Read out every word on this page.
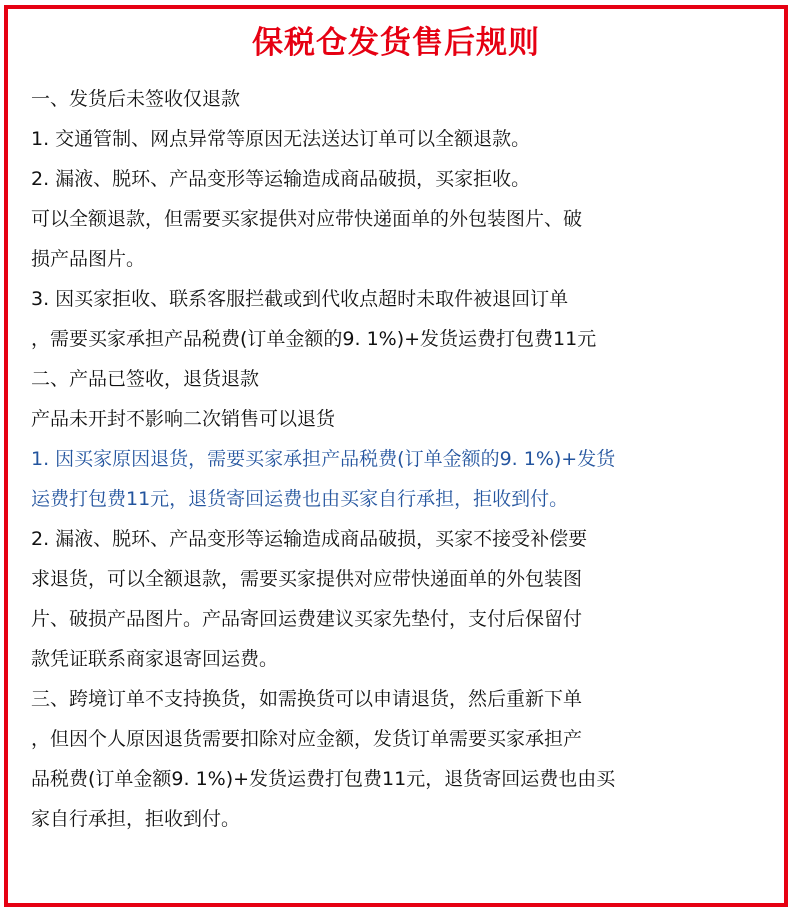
保税仓发货售后规则

一、发货后未签收仅退款

1. 交通管制、网点异常等原因无法送达订单可以全额退款。

2. 漏液、脱环、产品变形等运输造成商品破损，买家拒收。

可以全额退款，但需要买家提供对应带快递面单的外包装图片、破

损产品图片。

3. 因买家拒收、联系客服拦截或到代收点超时未取件被退回订单

，需要买家承担产品税费(订单金额的9. 1%)+发货运费打包费11元

二、产品已签收，退货退款

产品未开封不影响二次销售可以退货

1. 因买家原因退货，需要买家承担产品税费(订单金额的9. 1%)+发货

运费打包费11元，退货寄回运费也由买家自行承担，拒收到付。

2. 漏液、脱环、产品变形等运输造成商品破损，买家不接受补偿要

求退货，可以全额退款，需要买家提供对应带快递面单的外包装图

片、破损产品图片。产品寄回运费建议买家先垫付，支付后保留付

款凭证联系商家退寄回运费。

三、跨境订单不支持换货，如需换货可以申请退货，然后重新下单

，但因个人原因退货需要扣除对应金额，发货订单需要买家承担产

品税费(订单金额9. 1%)+发货运费打包费11元，退货寄回运费也由买

家自行承担，拒收到付。
